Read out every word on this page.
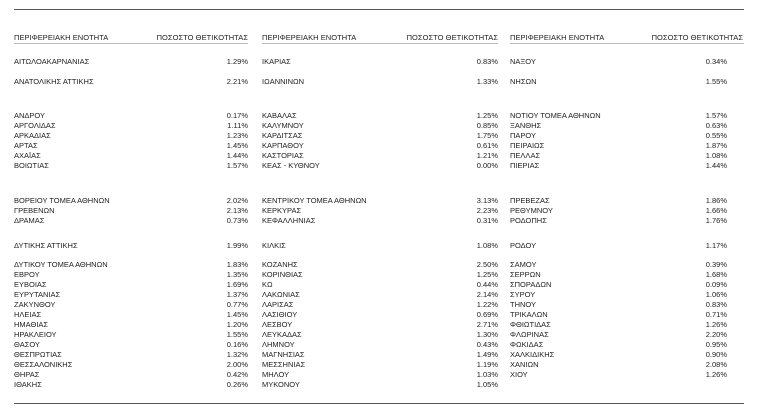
ΠΕΡΙΦΕΡΕΙΑΚΗ ΕΝΟΤΗΤΑ	ΠΟΣΟΣΤΟ ΘΕΤΙΚΟΤΗΤΑΣ ΠΕΡΙΦΕΡΕΙΑΚΗ ΕΝΟΤΗΤΑ	ΠΟΣΟΣΤΟ ΘΕΤΙΚΟΤΗΤΑΣ ΠΕΡΙΦΕΡΕΙΑΚΗ ΕΝΟΤΗΤΑ	ΠΟΣΟΣΤΟ ΘΕΤΙΚΟΤΗΤΑΣ
ΑΙΤΩΛΟΑΚΑΡΝΑΝΙΑΣ	1.29%
ΑΝΑΤΟΛΙΚΗΣ ΑΤΤΙΚΗΣ	2.21%
ΑΝΔΡΟΥ	0.17%
ΑΡΓΟΛΙΔΑΣ	1.11%
ΑΡΚΑΔΙΑΣ	1.23%
ΑΡΤΑΣ	1.45%
ΑΧΑΪΑΣ	1.44%
ΒΟΙΩΤΙΑΣ	1.57%
ΒΟΡΕΙΟΥ ΤΟΜΕΑ ΑΘΗΝΩΝ	2.02%
ΓΡΕΒΕΝΩΝ	2.13%
ΔΡΑΜΑΣ	0.73%
ΔΥΤΙΚΗΣ ΑΤΤΙΚΗΣ	1.99%
ΔΥΤΙΚΟΥ ΤΟΜΕΑ ΑΘΗΝΩΝ	1.83%
ΕΒΡΟΥ	1.35%
ΕΥΒΟΙΑΣ	1.69%
ΕΥΡΥΤΑΝΙΑΣ	1.37%
ΖΑΚΥΝΘΟΥ	0.77%
ΗΛΕΙΑΣ	1.45%
ΗΜΑΘΙΑΣ	1.20%
ΗΡΑΚΛΕΙΟΥ	1.55%
ΘΑΣΟΥ	0.16%
ΘΕΣΠΡΩΤΙΑΣ	1.32%
ΘΕΣΣΑΛΟΝΙΚΗΣ	2.00%
ΘΗΡΑΣ	0.42%
ΙΘΑΚΗΣ	0.26%
ΙΚΑΡΙΑΣ	0.83%
ΙΩΑΝΝΙΝΩΝ	1.33%
ΚΑΒΑΛΑΣ	1.25%
ΚΑΛΥΜΝΟΥ	0.85%
ΚΑΡΔΙΤΣΑΣ	1.75%
ΚΑΡΠΑΘΟΥ	0.61%
ΚΑΣΤΟΡΙΑΣ	1.21%
ΚΕΑΣ - ΚΥΘΝΟΥ	0.00%
ΚΕΝΤΡΙΚΟΥ ΤΟΜΕΑ ΑΘΗΝΩΝ	3.13%
ΚΕΡΚΥΡΑΣ	2.23%
ΚΕΦΑΛΛΗΝΙΑΣ	0.31%
ΚΙΛΚΙΣ	1.08%
ΚΟΖΑΝΗΣ	2.50%
ΚΟΡΙΝΘΙΑΣ	1.25%
ΚΩ	0.44%
ΛΑΚΩΝΙΑΣ	2.14%
ΛΑΡΙΣΑΣ	1.22%
ΛΑΣΙΘΙΟΥ	0.69%
ΛΕΣΒΟΥ	2.71%
ΛΕΥΚΑΔΑΣ	1.30%
ΛΗΜΝΟΥ	0.43%
ΜΑΓΝΗΣΙΑΣ	1.49%
ΜΕΣΣΗΝΙΑΣ	1.19%
ΜΗΛΟΥ	1.03%
ΜΥΚΟΝΟΥ	1.05%
ΝΑΞΟΥ	0.34%
ΝΗΣΩΝ	1.55%
ΝΟΤΙΟΥ ΤΟΜΕΑ ΑΘΗΝΩΝ	1.57%
ΞΑΝΘΗΣ	0.63%
ΠΑΡΟΥ	0.55%
ΠΕΙΡΑΙΩΣ	1.87%
ΠΕΛΛΑΣ	1.08%
ΠΙΕΡΙΑΣ	1.44%
ΠΡΕΒΕΖΑΣ	1.86%
ΡΕΘΥΜΝΟΥ	1.66%
ΡΟΔΟΠΗΣ	1.76%
ΡΟΔΟΥ	1.17%
ΣΑΜΟΥ	0.39%
ΣΕΡΡΩΝ	1.68%
ΣΠΟΡΑΔΩΝ	0.09%
ΣΥΡΟΥ	1.06%
ΤΗΝΟΥ	0.83%
ΤΡΙΚΑΛΩΝ	0.71%
ΦΘΙΩΤΙΔΑΣ	1.26%
ΦΛΩΡΙΝΑΣ	2.20%
ΦΩΚΙΔΑΣ	0.95%
ΧΑΛΚΙΔΙΚΗΣ	0.90%
ΧΑΝΙΩΝ	2.08%
ΧΙΟΥ	1.26%
